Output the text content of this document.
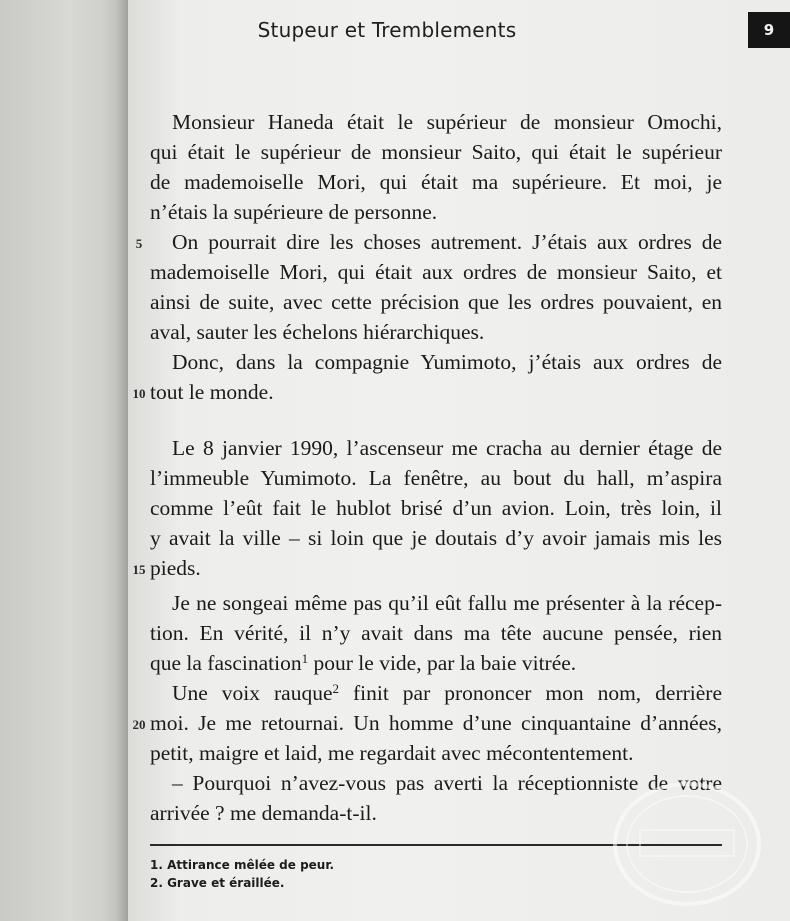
Stupeur et Tremblements	9
Monsieur Haneda était le supérieur de monsieur Omochi,
qui était le supérieur de monsieur Saito, qui était le supérieur
de mademoiselle Mori, qui était ma supérieure. Et moi, je
n’étais la supérieure de personne.
5	On pourrait dire les choses autrement. J’étais aux ordres de
mademoiselle Mori, qui était aux ordres de monsieur Saito, et
ainsi de suite, avec cette précision que les ordres pouvaient, en
aval, sauter les échelons hiérarchiques.
Donc, dans la compagnie Yumimoto, j’étais aux ordres de
10 tout le monde.
Le 8 janvier 1990, l’ascenseur me cracha au dernier étage de
l’immeuble Yumimoto. La fenêtre, au bout du hall, m’aspira
comme l’eût fait le hublot brisé d’un avion. Loin, très loin, il
y avait la ville – si loin que je doutais d’y avoir jamais mis les
15 pieds.
Je ne songeai même pas qu’il eût fallu me présenter à la récep-
tion. En vérité, il n’y avait dans ma tête aucune pensée, rien
que la fascination$^1$ pour le vide, par la baie vitrée.
Une voix rauque$^2$ finit par prononcer mon nom, derrière
20 moi. Je me retournai. Un homme d’une cinquantaine d’années,
petit, maigre et laid, me regardait avec mécontentement.
– Pourquoi n’avez-vous pas averti la réceptionniste de votre
arrivée ? me demanda-t-il.
1. Attirance mêlée de peur.
2. Grave et éraillée.
